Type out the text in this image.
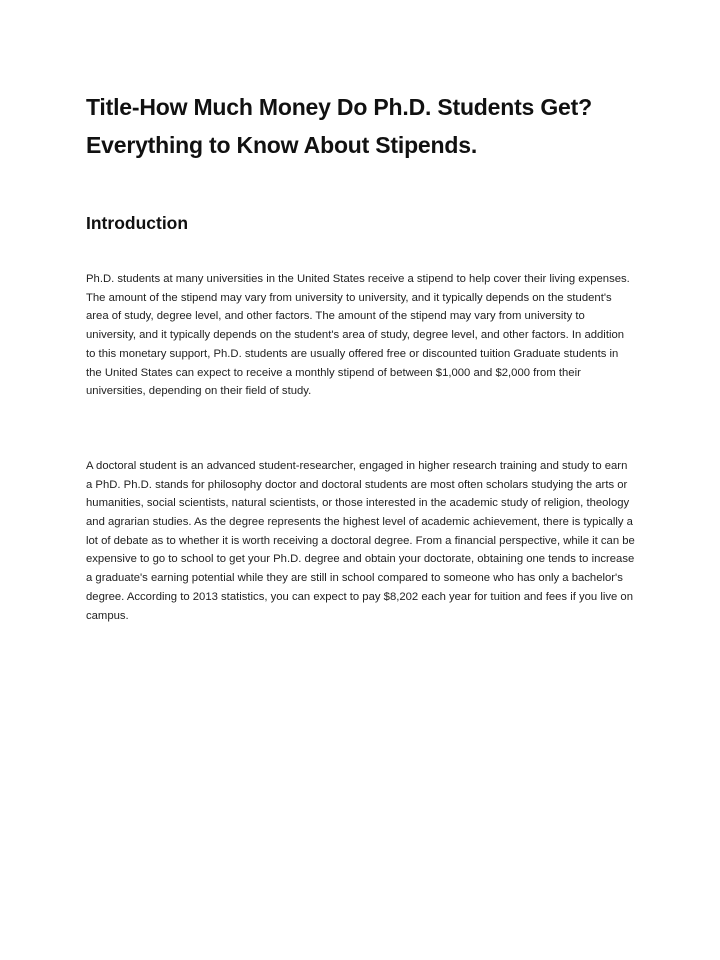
Title-How Much Money Do Ph.D. Students Get? Everything to Know About Stipends.
Introduction

Ph.D. students at many universities in the United States receive a stipend to help cover their living expenses. The amount of the stipend may vary from university to university, and it typically depends on the student's area of study, degree level, and other factors. The amount of the stipend may vary from university to university, and it typically depends on the student's area of study, degree level, and other factors. In addition to this monetary support, Ph.D. students are usually offered free or discounted tuition Graduate students in the United States can expect to receive a monthly stipend of between $1,000 and $2,000 from their universities, depending on their field of study.

A doctoral student is an advanced student-researcher, engaged in higher research training and study to earn a PhD. Ph.D. stands for philosophy doctor and doctoral students are most often scholars studying the arts or humanities, social scientists, natural scientists, or those interested in the academic study of religion, theology and agrarian studies. As the degree represents the highest level of academic achievement, there is typically a lot of debate as to whether it is worth receiving a doctoral degree. From a financial perspective, while it can be expensive to go to school to get your Ph.D. degree and obtain your doctorate, obtaining one tends to increase a graduate's earning potential while they are still in school compared to someone who has only a bachelor's degree. According to 2013 statistics, you can expect to pay $8,202 each year for tuition and fees if you live on campus.
